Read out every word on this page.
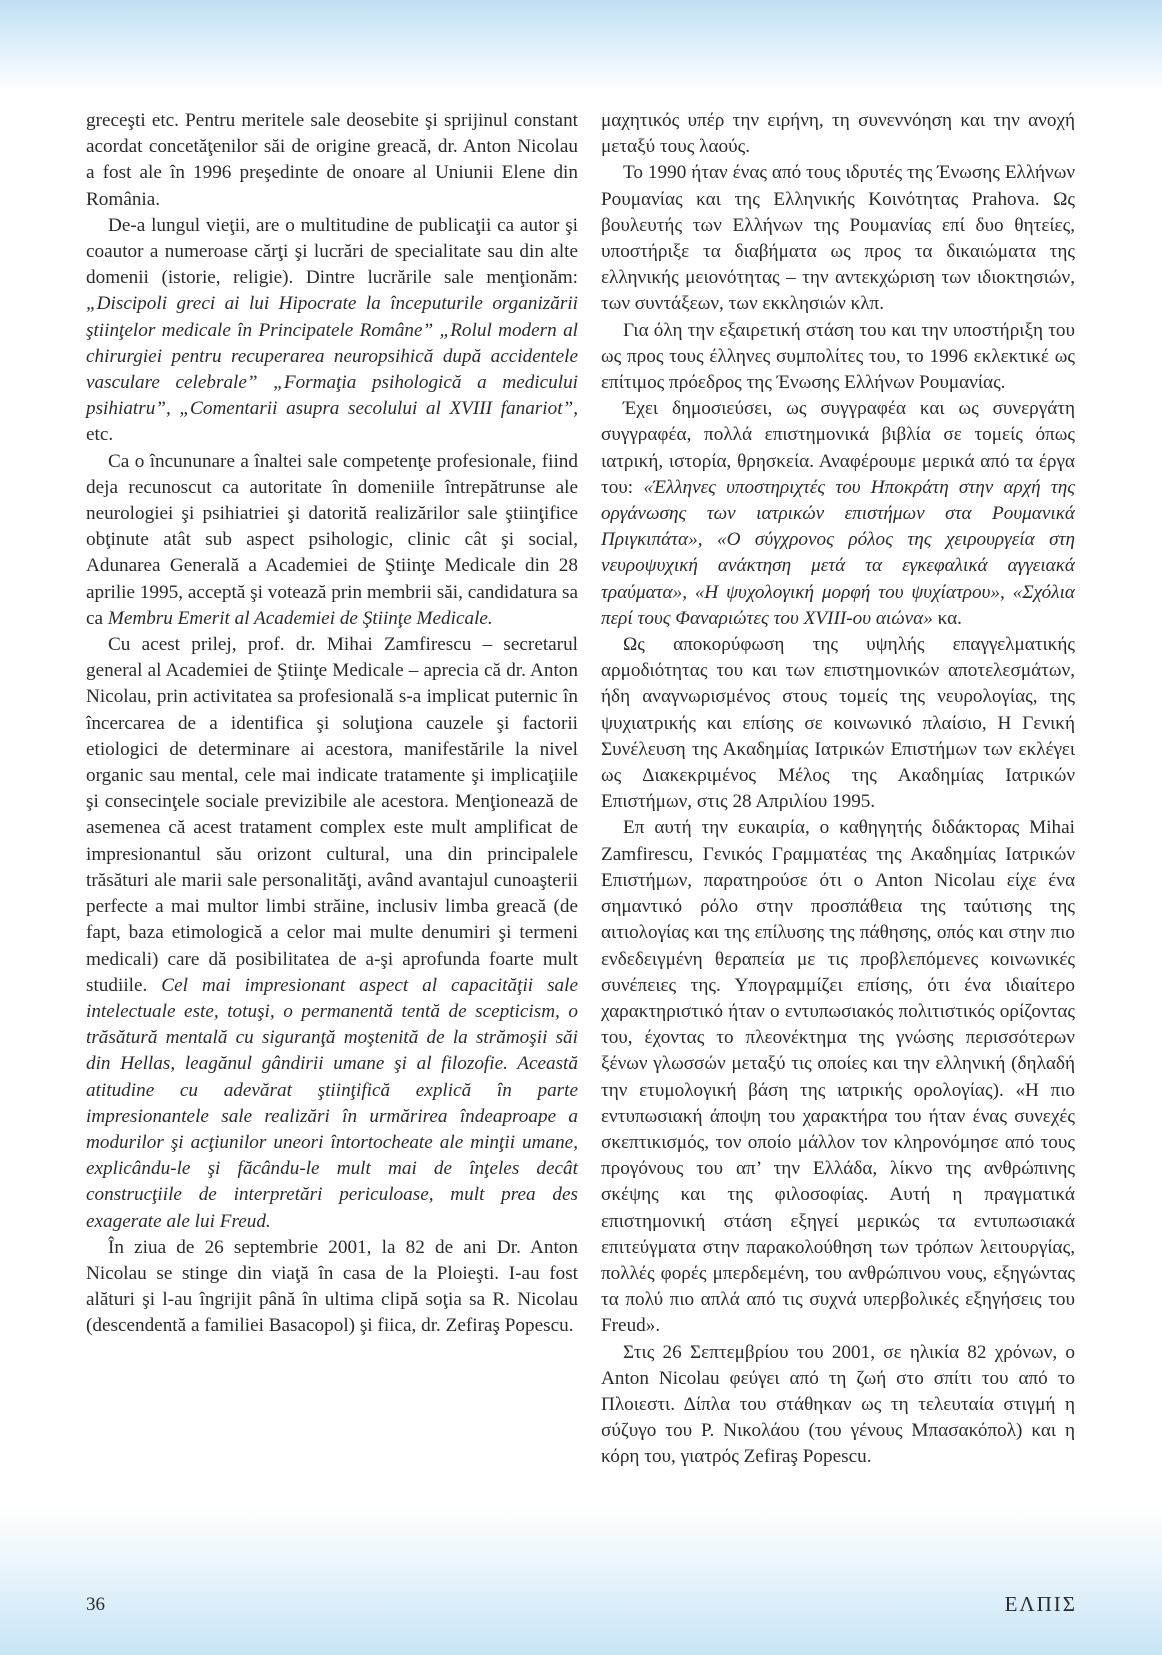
greceşti etc. Pentru meritele sale deosebite şi sprijinul constant acordat concetăţenilor săi de origine greacă, dr. Anton Nicolau a fost ale în 1996 preşedinte de onoare al Uniunii Elene din România.

De-a lungul vieţii, are o multitudine de publicaţii ca autor şi coautor a numeroase cărţi şi lucrări de specialitate sau din alte domenii (istorie, religie). Dintre lucrările sale menţionăm: „Discipoli greci ai lui Hipocrate la începuturile organizării ştiinţelor medicale în Principatele Române” „Rolul modern al chirurgiei pentru recuperarea neuropsihică după accidentele vasculare celebrale” „Formaţia psihologică a medicului psihiatru”, „Comentarii asupra secolului al XVIII fanariot”, etc.

Ca o încununare a înaltei sale competenţe profesionale, fiind deja recunoscut ca autoritate în domeniile întrepătrunse ale neurologiei şi psihiatriei şi datorită realizărilor sale ştiinţifice obţinute atât sub aspect psihologic, clinic cât şi social, Adunarea Generală a Academiei de Ştiinţe Medicale din 28 aprilie 1995, acceptă şi votează prin membrii săi, candidatura sa ca Membru Emerit al Academiei de Ştiinţe Medicale.

Cu acest prilej, prof. dr. Mihai Zamfirescu – secretarul general al Academiei de Ştiinţe Medicale – aprecia că dr. Anton Nicolau, prin activitatea sa profesională s-a implicat puternic în încercarea de a identifica şi soluţiona cauzele şi factorii etiologici de determinare ai acestora, manifestările la nivel organic sau mental, cele mai indicate tratamente şi implicaţiile şi consecinţele sociale previzibile ale acestora. Menţionează de asemenea că acest tratament complex este mult amplificat de impresionantul său orizont cultural, una din principalele trăsături ale marii sale personalităţi, având avantajul cunoaşterii perfecte a mai multor limbi străine, inclusiv limba greacă (de fapt, baza etimologică a celor mai multe denumiri şi termeni medicali) care dă posibilitatea de a-şi aprofunda foarte mult studiile. Cel mai impresionant aspect al capacităţii sale intelectuale este, totuşi, o permanentă tentă de scepticism, o trăsătură mentală cu siguranţă moştenită de la strămoşii săi din Hellas, leagănul gândirii umane şi al filozofie. Această atitudine cu adevărat ştiinţifică explică în parte impresionantele sale realizări în urmărirea îndeaproape a modurilor şi acţiunilor uneori întortocheate ale minţii umane, explicându-le şi făcându-le mult mai de înţeles decât construcţiile de interpretări periculoase, mult prea des exagerate ale lui Freud.

În ziua de 26 septembrie 2001, la 82 de ani Dr. Anton Nicolau se stinge din viaţă în casa de la Ploieşti. I-au fost alături şi l-au îngrijit până în ultima clipă soţia sa R. Nicolau (descendentă a familiei Basacopol) şi fiica, dr. Zefiraş Popescu.

μαχητικός υπέρ την ειρήνη, τη συνεννόηση και την ανοχή μεταξύ τους λαούς.

Το 1990 ήταν ένας από τους ιδρυτές της Ένωσης Ελλήνων Ρουμανίας και της Ελληνικής Κοινότητας Prahova. Ως βουλευτής των Ελλήνων της Ρουμανίας επί δυο θητείες, υποστήριξε τα διαβήματα ως προς τα δικαιώματα της ελληνικής μειονότητας – την αντεκχώριση των ιδιοκτησιών, των συντάξεων, των εκκλησιών κλπ.

Για όλη την εξαιρετική στάση του και την υποστήριξη του ως προς τους έλληνες συμπολίτες του, το 1996 εκλεκτικέ ως επίτιμος πρόεδρος της Ένωσης Ελλήνων Ρουμανίας.

Έχει δημοσιεύσει, ως συγγραφέα και ως συνεργάτη συγγραφέα, πολλά επιστημονικά βιβλία σε τομείς όπως ιατρική, ιστορία, θρησκεία. Αναφέρουμε μερικά από τα έργα του: «Έλληνες υποστηριχτές του Ηποκράτη στην αρχή της οργάνωσης των ιατρικών επιστήμων στα Ρουμανικά Πριγκιπάτα», «Ο σύγχρονος ρόλος της χειρουργεία στη νευροψυχική ανάκτηση μετά τα εγκεφαλικά αγγειακά τραύματα», «Η ψυχολογική μορφή του ψυχίατρου», «Σχόλια περί τους Φαναριώτες του XVIII-ου αιώνα» κα.

Ως αποκορύφωση της υψηλής επαγγελματικής αρμοδιότητας του και των επιστημονικών αποτελεσμάτων, ήδη αναγνωρισμένος στους τομείς της νευρολογίας, της ψυχιατρικής και επίσης σε κοινωνικό πλαίσιο, Η Γενική Συνέλευση της Ακαδημίας Ιατρικών Επιστήμων των εκλέγει ως Διακεκριμένος Μέλος της Ακαδημίας Ιατρικών Επιστήμων, στις 28 Απριλίου 1995.

Επ αυτή την ευκαιρία, ο καθηγητής διδάκτορας Mihai Zamfirescu, Γενικός Γραμματέας της Ακαδημίας Ιατρικών Επιστήμων, παρατηρούσε ότι ο Anton Nicolau είχε ένα σημαντικό ρόλο στην προσπάθεια της ταύτισης της αιτιολογίας και της επίλυσης της πάθησης, οπός και στην πιο ενδεδειγμένη θεραπεία με τις προβλεπόμενες κοινωνικές συνέπειες της. Υπογραμμίζει επίσης, ότι ένα ιδιαίτερο χαρακτηριστικό ήταν ο εντυπωσιακός πολιτιστικός ορίζοντας του, έχοντας το πλεονέκτημα της γνώσης περισσότερων ξένων γλωσσών μεταξύ τις οποίες και την ελληνική (δηλαδή την ετυμολογική βάση της ιατρικής ορολογίας). «Η πιο εντυπωσιακή άποψη του χαρακτήρα του ήταν ένας συνεχές σκεπτικισμός, τον οποίο μάλλον τον κληρονόμησε από τους προγόνους του απ’ την Ελλάδα, λίκνο της ανθρώπινης σκέψης και της φιλοσοφίας. Αυτή η πραγματικά επιστημονική στάση εξηγεί μερικώς τα εντυπωσιακά επιτεύγματα στην παρακολούθηση των τρόπων λειτουργίας, πολλές φορές μπερδεμένη, του ανθρώπινου νους, εξηγώντας τα πολύ πιο απλά από τις συχνά υπερβολικές εξηγήσεις του Freud».

Στις 26 Σεπτεμβρίου του 2001, σε ηλικία 82 χρόνων, ο Anton Nicolau φεύγει από τη ζωή στο σπίτι του από το Πλοιεστι. Δίπλα του στάθηκαν ως τη τελευταία στιγμή η σύζυγο του Ρ. Νικολάου (του γένους Μπασακόπολ) και η κόρη του, γιατρός Zefiraş Popescu.

36	ΕΛΠΙΣ
